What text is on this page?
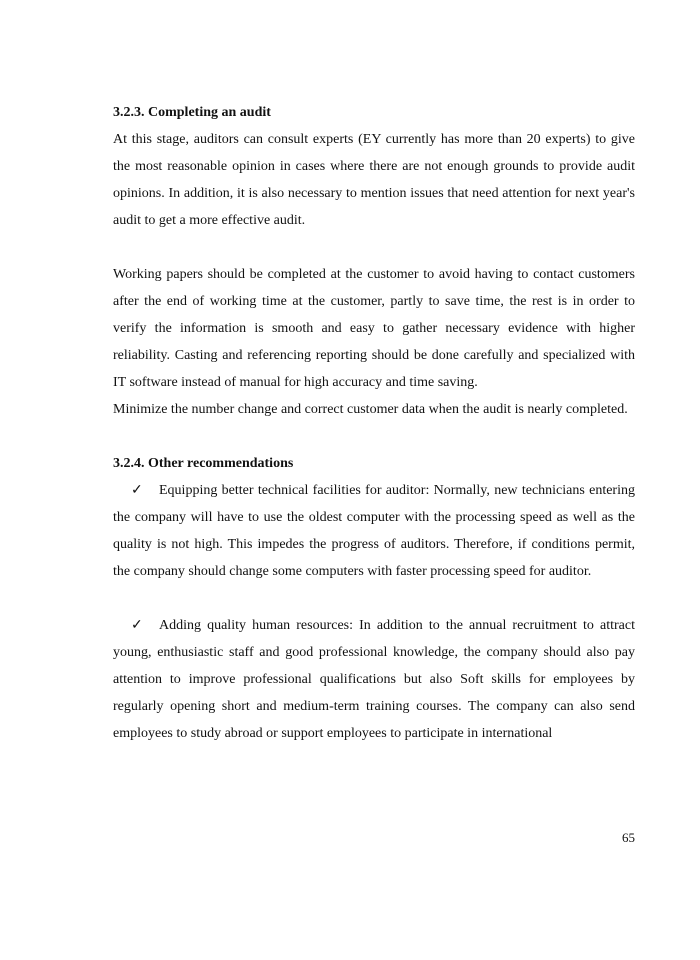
3.2.3. Completing an audit

At this stage, auditors can consult experts (EY currently has more than 20 experts) to give the most reasonable opinion in cases where there are not enough grounds to provide audit opinions. In addition, it is also necessary to mention issues that need attention for next year's audit to get a more effective audit.

Working papers should be completed at the customer to avoid having to contact customers after the end of working time at the customer, partly to save time, the rest is in order to verify the information is smooth and easy to gather necessary evidence with higher reliability. Casting and referencing reporting should be done carefully and specialized with IT software instead of manual for high accuracy and time saving.

Minimize the number change and correct customer data when the audit is nearly completed.

3.2.4. Other recommendations

✓ Equipping better technical facilities for auditor: Normally, new technicians entering the company will have to use the oldest computer with the processing speed as well as the quality is not high. This impedes the progress of auditors. Therefore, if conditions permit, the company should change some computers with faster processing speed for auditor.

✓ Adding quality human resources: In addition to the annual recruitment to attract young, enthusiastic staff and good professional knowledge, the company should also pay attention to improve professional qualifications but also Soft skills for employees by regularly opening short and medium-term training courses. The company can also send employees to study abroad or support employees to participate in international

65
